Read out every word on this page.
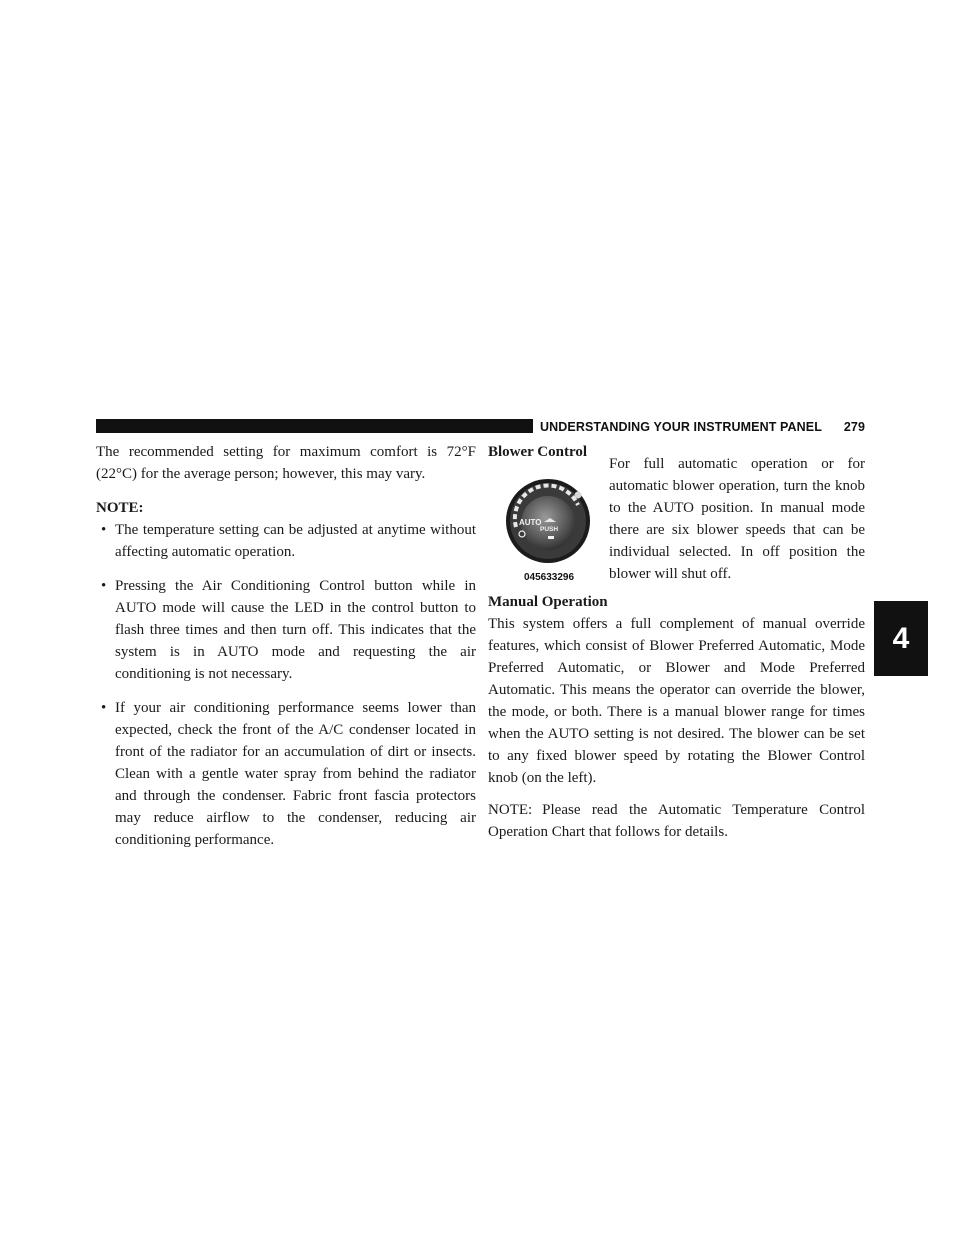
UNDERSTANDING YOUR INSTRUMENT PANEL 279
4

The recommended setting for maximum comfort is 72°F (22°C) for the average person; however, this may vary.

NOTE:

• The temperature setting can be adjusted at anytime without affecting automatic operation.
• Pressing the Air Conditioning Control button while in AUTO mode will cause the LED in the control button to flash three times and then turn off. This indicates that the system is in AUTO mode and requesting the air conditioning is not necessary.
• If your air conditioning performance seems lower than expected, check the front of the A/C condenser located in front of the radiator for an accumulation of dirt or insects. Clean with a gentle water spray from behind the radiator and through the condenser. Fabric front fascia protectors may reduce airflow to the condenser, reducing air conditioning performance.

Blower Control

AUTO
PUSH
045633296

For full automatic operation or for automatic blower operation, turn the knob to the AUTO position. In manual mode there are six blower speeds that can be individual selected. In off position the blower will shut off.

Manual Operation

This system offers a full complement of manual override features, which consist of Blower Preferred Automatic, Mode Preferred Automatic, or Blower and Mode Preferred Automatic. This means the operator can override the blower, the mode, or both. There is a manual blower range for times when the AUTO setting is not desired. The blower can be set to any fixed blower speed by rotating the Blower Control knob (on the left).

NOTE: Please read the Automatic Temperature Control Operation Chart that follows for details.
